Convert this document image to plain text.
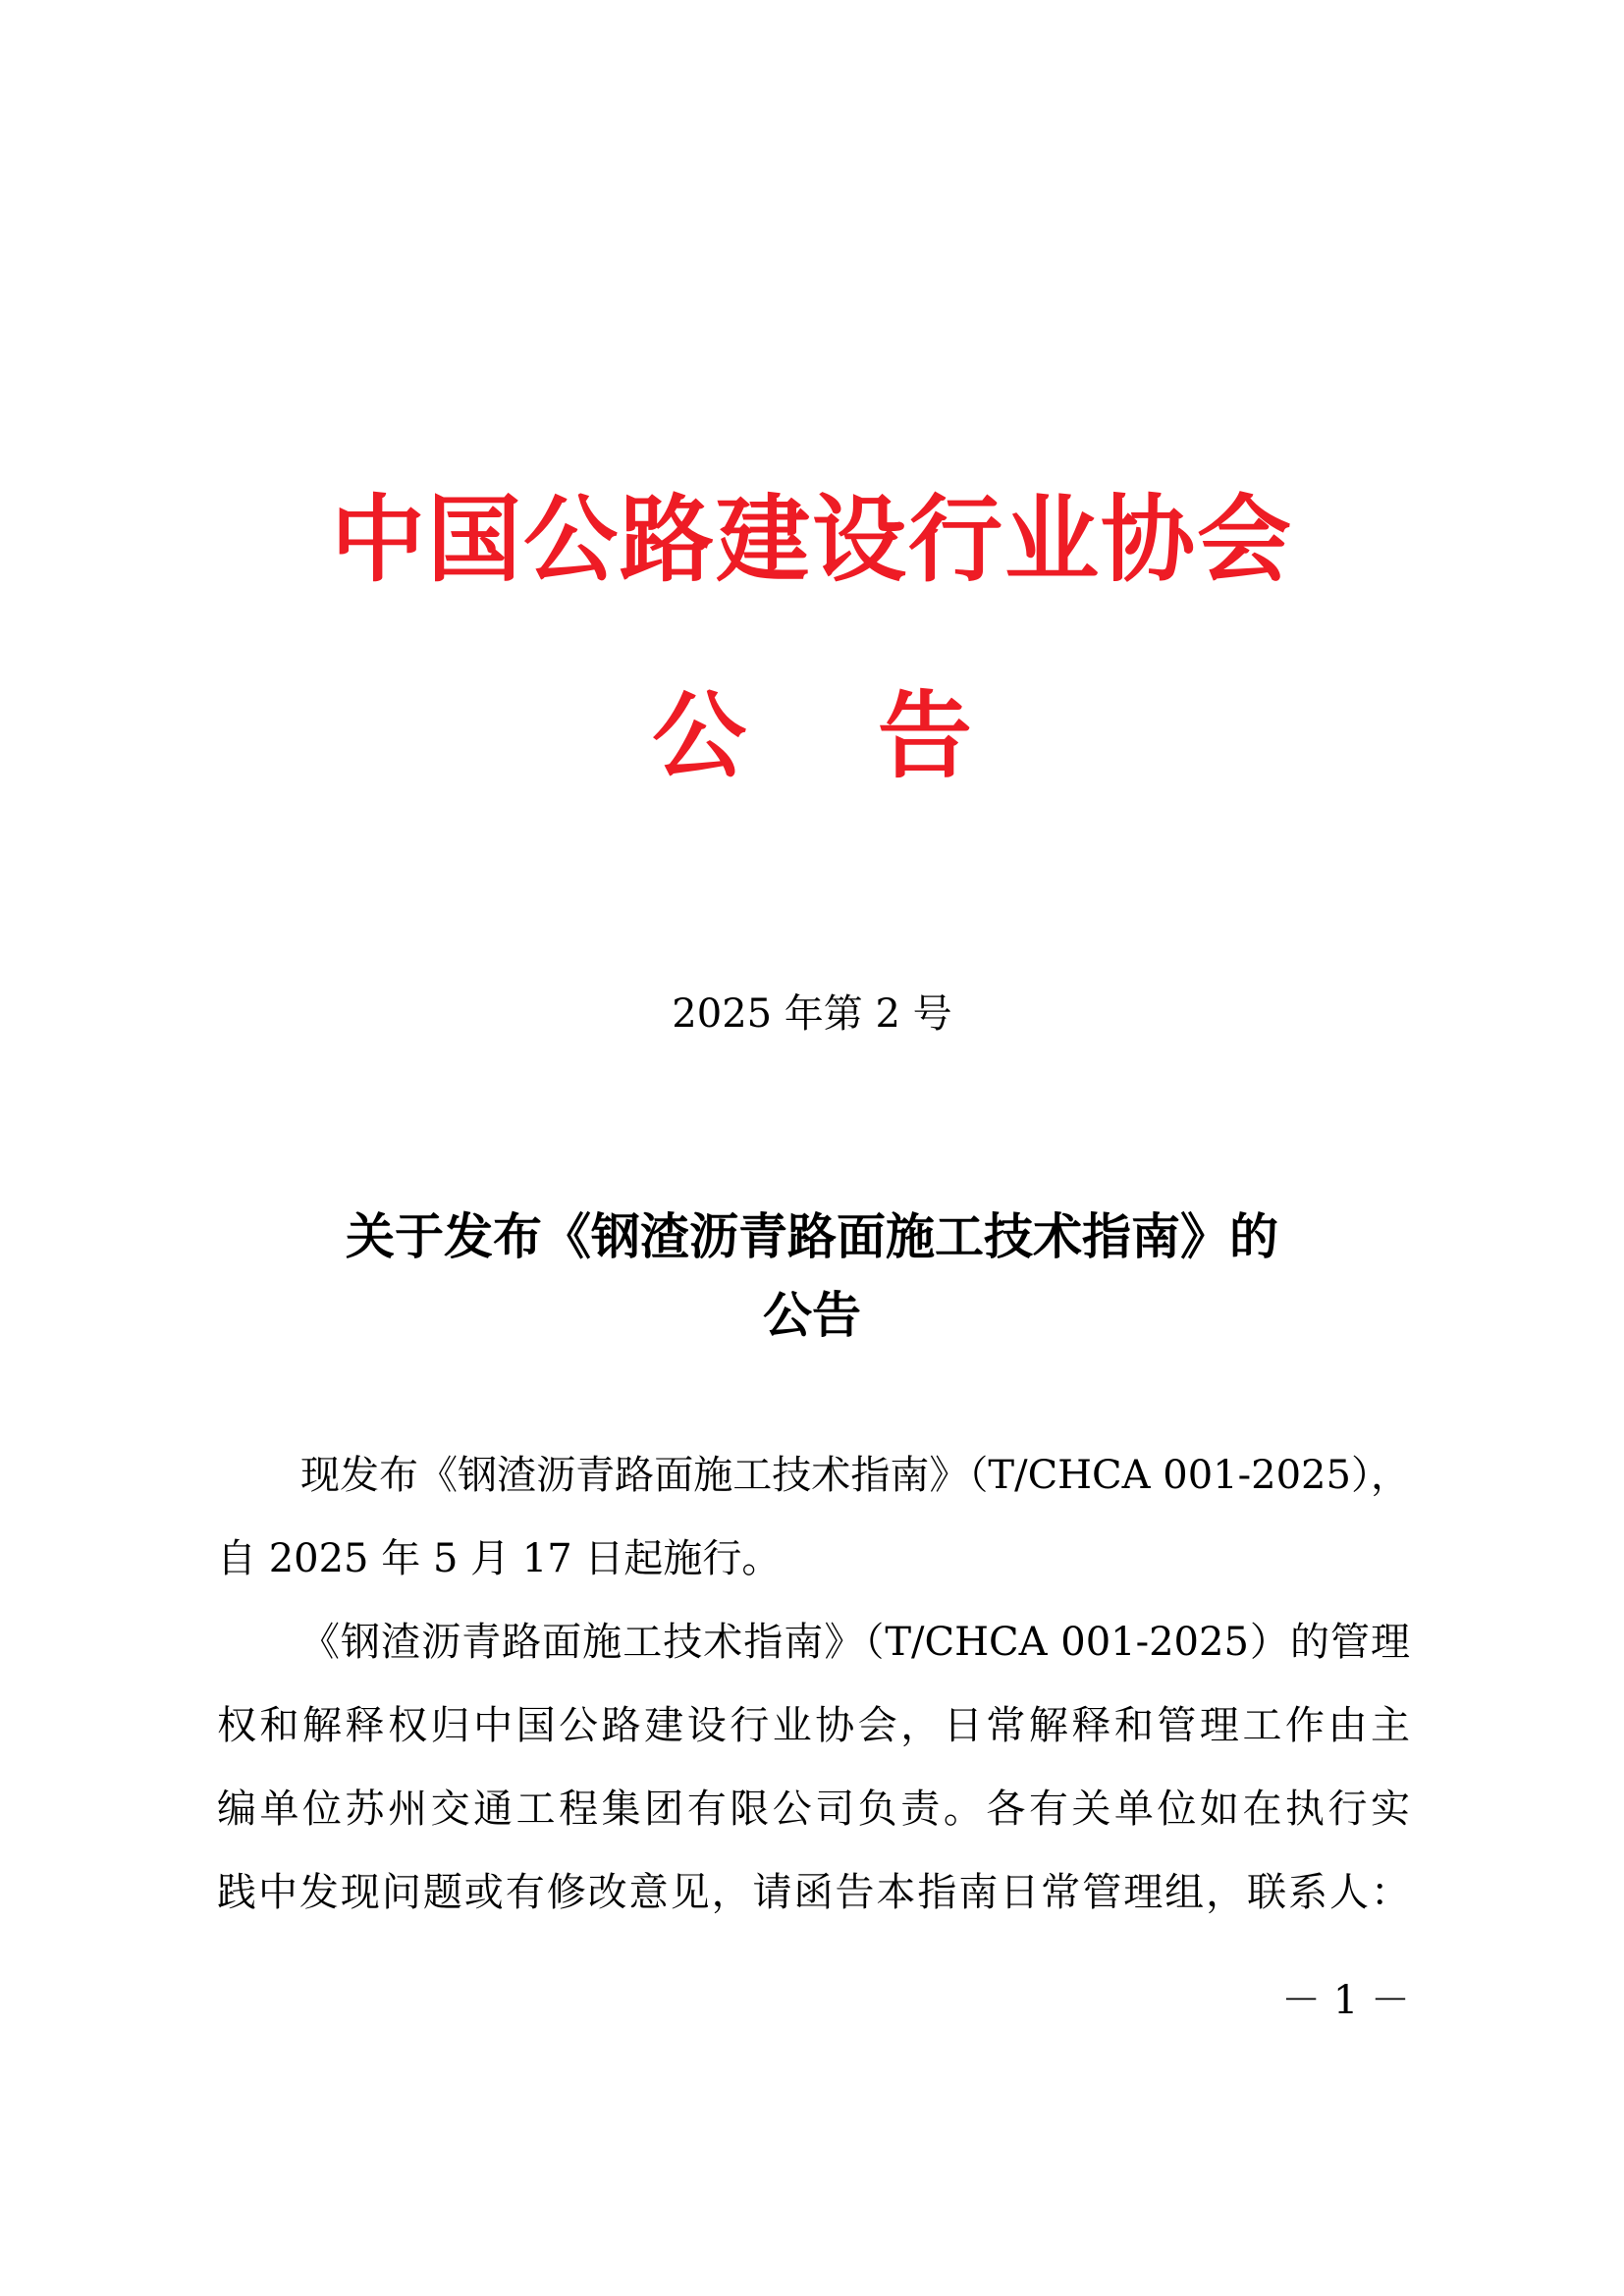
中国公路建设行业协会
公    告
2025 年第 2 号
关于发布《钢渣沥青路面施工技术指南》的
公告
现发布《钢渣沥青路面施工技术指南》（T/CHCA 001-2025），
自 2025 年 5 月 17 日起施行。
《钢渣沥青路面施工技术指南》（T/CHCA 001-2025）的管理
权和解释权归中国公路建设行业协会，日常解释和管理工作由主
编单位苏州交通工程集团有限公司负责。各有关单位如在执行实
践中发现问题或有修改意见，请函告本指南日常管理组，联系人：
－ 1 －
